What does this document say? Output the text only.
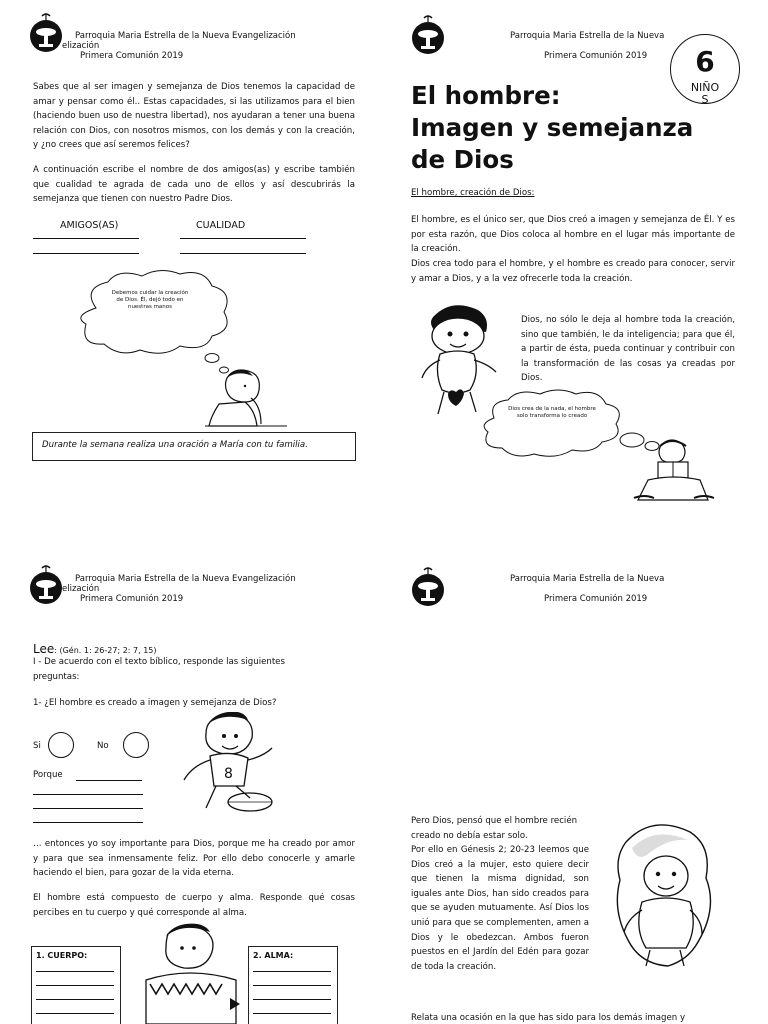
Parroquia Maria Estrella de la Nueva Evangelización
elización
Primera Comunión 2019
Sabes que al ser imagen y semejanza de Dios tenemos la capacidad de amar y pensar como él.. Estas capacidades, si las utilizamos para el bien (haciendo buen uso de nuestra libertad), nos ayudaran a tener una buena relación con Dios, con nosotros mismos, con los demás y con la creación, y ¿no crees que así seremos felices?
A continuación escribe el nombre de dos amigos(as) y escribe también que cualidad te agrada de cada uno de ellos y así descubrirás la semejanza que tienen con nuestro Padre Dios.
AMIGOS(AS)	CUALIDAD
Debemos cuidar la creación de Dios. Él, dejó todo en nuestras manos
Durante la semana realiza una oración a María con tu familia.
Parroquia Maria Estrella de la Nueva
Primera Comunión 2019	6
NIÑO
S
El hombre:
Imagen y semejanza
de Dios
El hombre, creación de Dios:
El hombre, es el único ser, que Dios creó a imagen y semejanza de Él. Y es por esta razón, que Dios coloca al hombre en el lugar más importante de la creación.
Dios crea todo para el hombre, y el hombre es creado para conocer, servir y amar a Dios, y a la vez ofrecerle toda la creación.
Dios, no sólo le deja al hombre toda la creación, sino que también, le da inteligencia; para que él, a partir de ésta, pueda continuar y contribuir con la transformación de las cosas ya creadas por Dios.
Dios crea de la nada, el hombre solo transforma lo creado
Parroquia Maria Estrella de la Nueva Evangelización
elización
Primera Comunión 2019
Lee: (Gén. 1: 26-27; 2: 7, 15)
I - De acuerdo con el texto bíblico, responde las siguientes preguntas:
1- ¿El hombre es creado a imagen y semejanza de Dios?
Si	No
Porque	8
… entonces yo soy importante para Dios, porque me ha creado por amor y para que sea inmensamente feliz. Por ello debo conocerle y amarle haciendo el bien, para gozar de la vida eterna.
El hombre está compuesto de cuerpo y alma. Responde qué cosas percibes en tu cuerpo y qué corresponde al alma.
1. CUERPO:	2. ALMA:
Parroquia Maria Estrella de la Nueva
Primera Comunión 2019
Pero Dios, pensó que el hombre recién creado no debía estar solo.
Por ello en Génesis 2; 20-23 leemos que Dios creó a la mujer, esto quiere decir que tienen la misma dignidad, son iguales ante Dios, han sido creados para que se ayuden mutuamente. Así Dios los unió para que se complementen, amen a Dios y le obedezcan. Ambos fueron puestos en el Jardín del Edén para gozar de toda la creación.
Relata una ocasión en la que has sido para los demás imagen y
